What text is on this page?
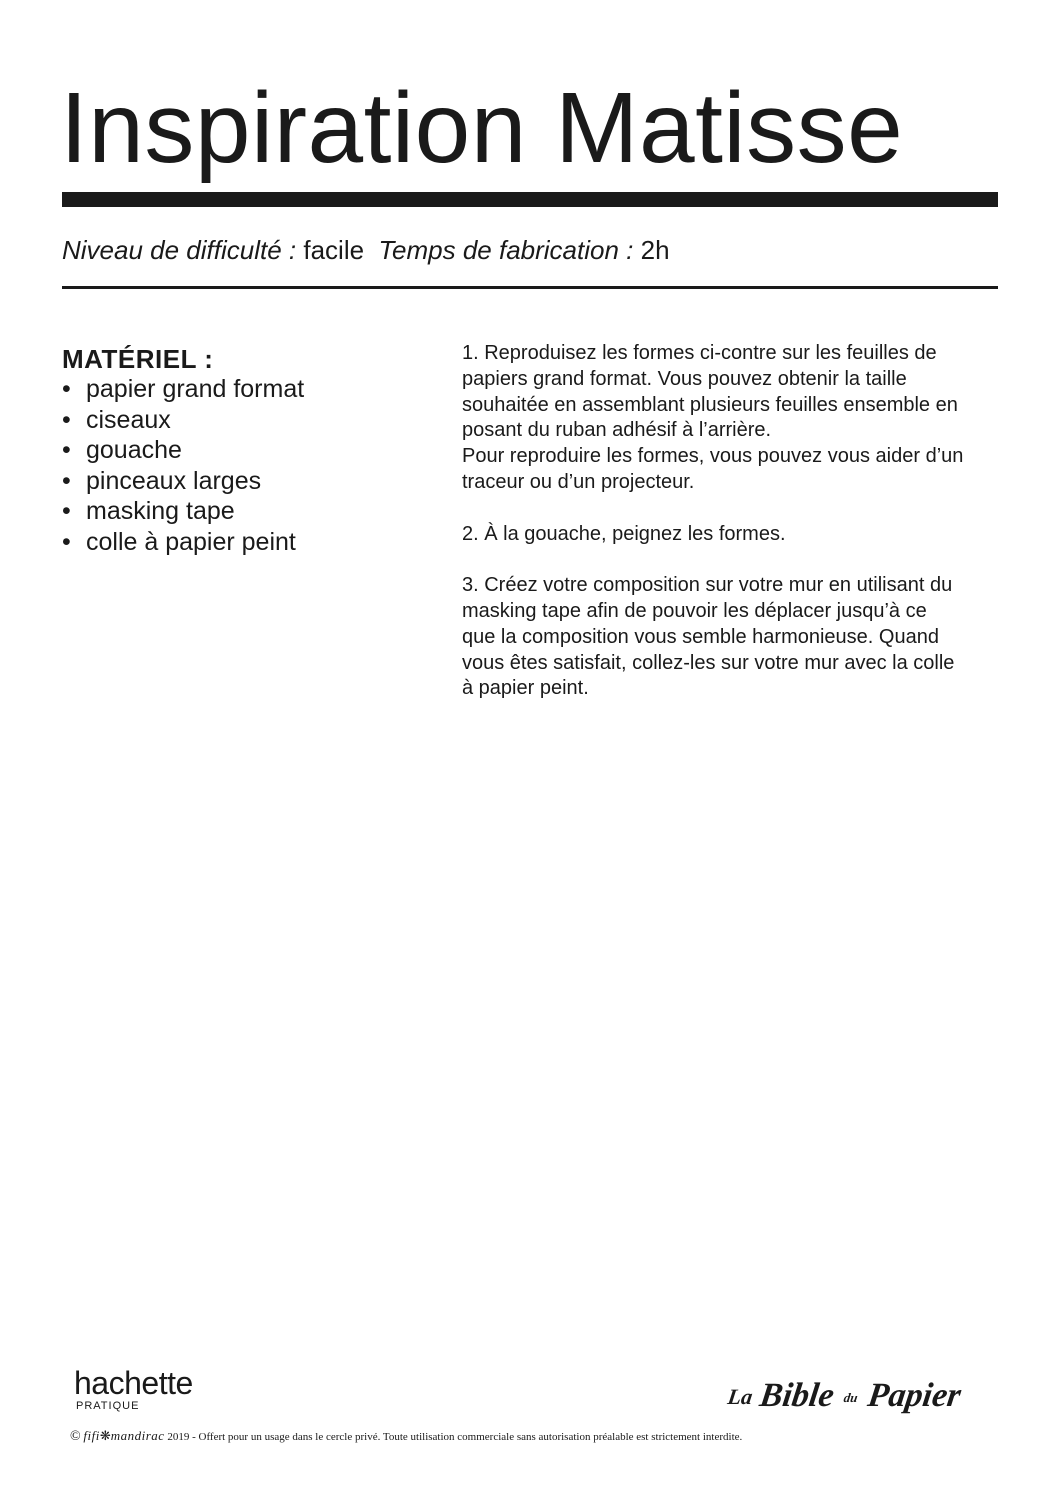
Inspiration Matisse
Niveau de difficulté : facile Temps de fabrication : 2h
MATÉRIEL :
• papier grand format
• ciseaux
• gouache
• pinceaux larges
• masking tape
• colle à papier peint

1. Reproduisez les formes ci-contre sur les feuilles de
papiers grand format. Vous pouvez obtenir la taille
souhaitée en assemblant plusieurs feuilles ensemble en
posant du ruban adhésif à l’arrière.
Pour reproduire les formes, vous pouvez vous aider d’un
traceur ou d’un projecteur.

2. À la gouache, peignez les formes.

3. Créez votre composition sur votre mur en utilisant du
masking tape afin de pouvoir les déplacer jusqu’à ce
que la composition vous semble harmonieuse. Quand
vous êtes satisfait, collez-les sur votre mur avec la colle
à papier peint.

hachette
PRATIQUE	La Bible du Papier
© fifi❋mandirac 2019 - Offert pour un usage dans le cercle privé. Toute utilisation commerciale sans autorisation préalable est strictement interdite.
